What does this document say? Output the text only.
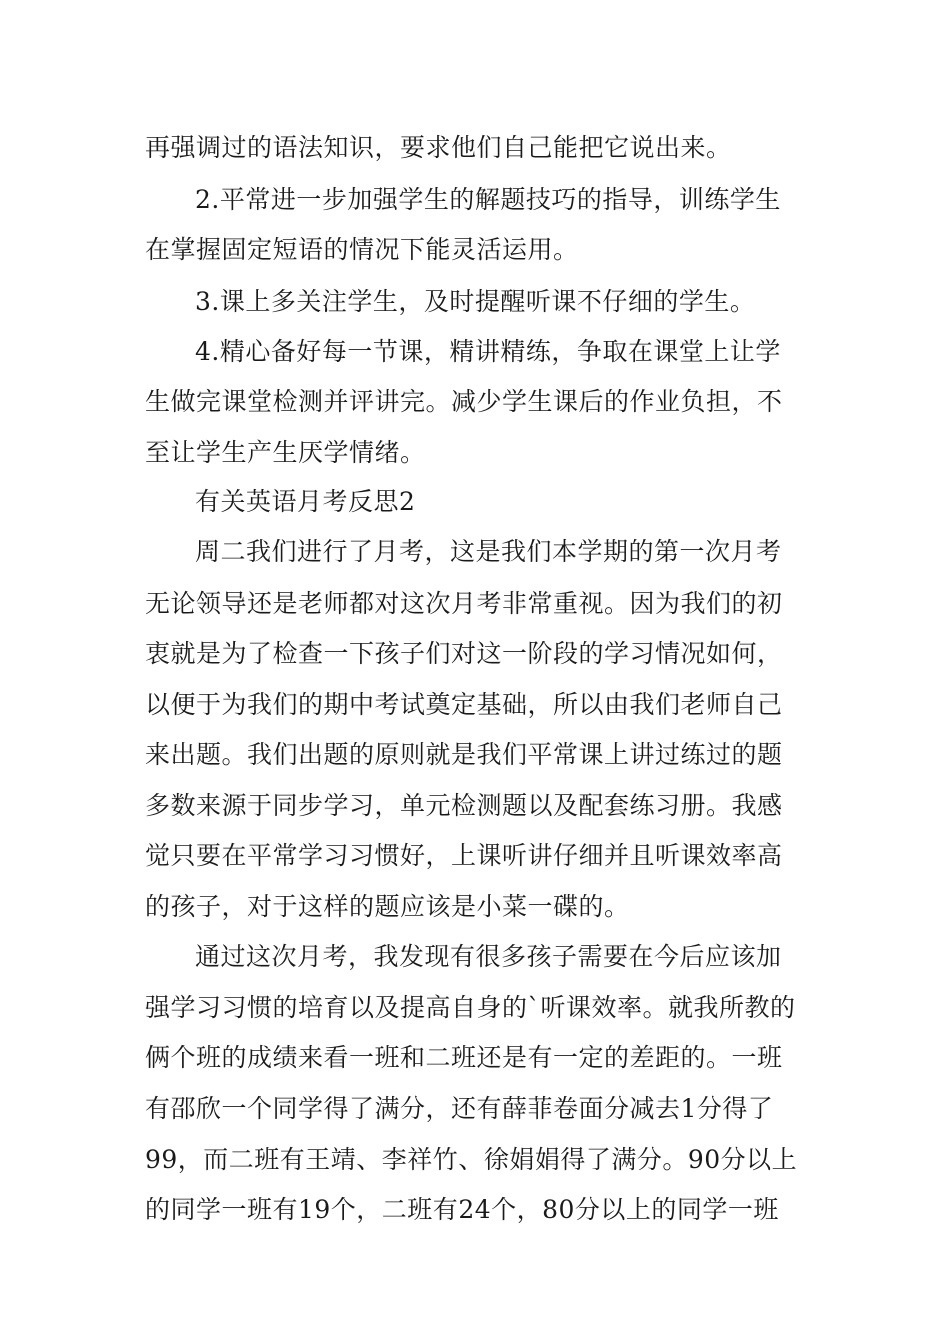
再强调过的语法知识，要求他们自己能把它说出来。
2.平常进一步加强学生的解题技巧的指导，训练学生
在掌握固定短语的情况下能灵活运用。
3.课上多关注学生，及时提醒听课不仔细的学生。
4.精心备好每一节课，精讲精练，争取在课堂上让学
生做完课堂检测并评讲完。减少学生课后的作业负担，不
至让学生产生厌学情绪。
有关英语月考反思2
周二我们进行了月考，这是我们本学期的第一次月考
无论领导还是老师都对这次月考非常重视。因为我们的初
衷就是为了检查一下孩子们对这一阶段的学习情况如何，
以便于为我们的期中考试奠定基础，所以由我们老师自己
来出题。我们出题的原则就是我们平常课上讲过练过的题
多数来源于同步学习，单元检测题以及配套练习册。我感
觉只要在平常学习习惯好，上课听讲仔细并且听课效率高
的孩子，对于这样的题应该是小菜一碟的。
通过这次月考，我发现有很多孩子需要在今后应该加
强学习习惯的培育以及提高自身的`听课效率。就我所教的
俩个班的成绩来看一班和二班还是有一定的差距的。一班
有邵欣一个同学得了满分，还有薛菲卷面分减去1分得了
99，而二班有王靖、李祥竹、徐娟娟得了满分。90分以上
的同学一班有19个，二班有24个，80分以上的同学一班
